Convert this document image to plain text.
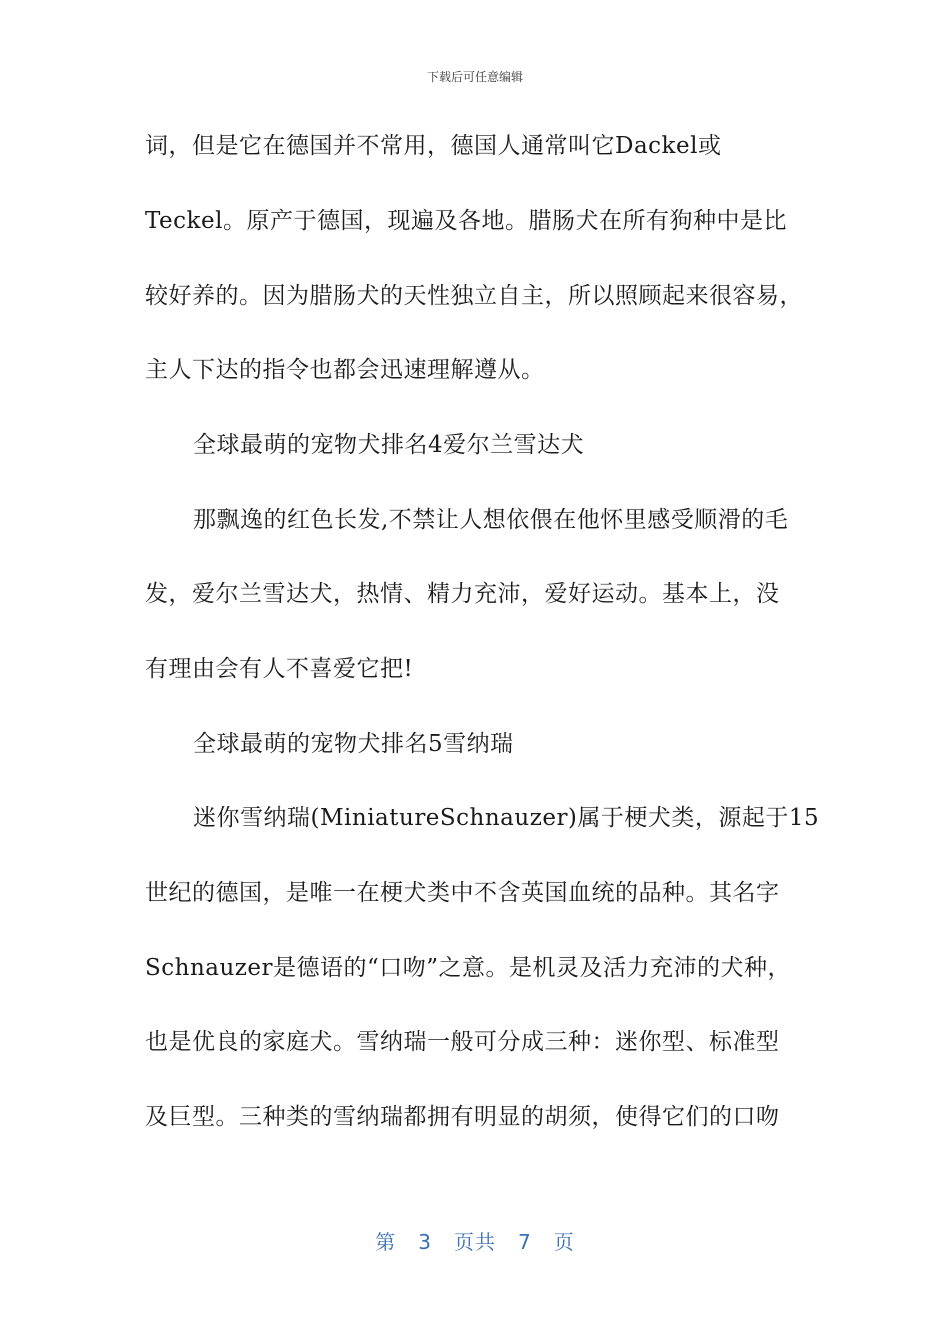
下载后可任意编辑
词，但是它在德国并不常用，德国人通常叫它Dackel或
Teckel。原产于德国，现遍及各地。腊肠犬在所有狗种中是比
较好养的。因为腊肠犬的天性独立自主，所以照顾起来很容易，
主人下达的指令也都会迅速理解遵从。
全球最萌的宠物犬排名4爱尔兰雪达犬
那飘逸的红色长发,不禁让人想依偎在他怀里感受顺滑的毛
发，爱尔兰雪达犬，热情、精力充沛，爱好运动。基本上，没
有理由会有人不喜爱它把!
全球最萌的宠物犬排名5雪纳瑞
迷你雪纳瑞(MiniatureSchnauzer)属于梗犬类，源起于15
世纪的德国，是唯一在梗犬类中不含英国血统的品种。其名字
Schnauzer是德语的“口吻”之意。是机灵及活力充沛的犬种，
也是优良的家庭犬。雪纳瑞一般可分成三种：迷你型、标准型
及巨型。三种类的雪纳瑞都拥有明显的胡须，使得它们的口吻
第 3 页共 7 页
